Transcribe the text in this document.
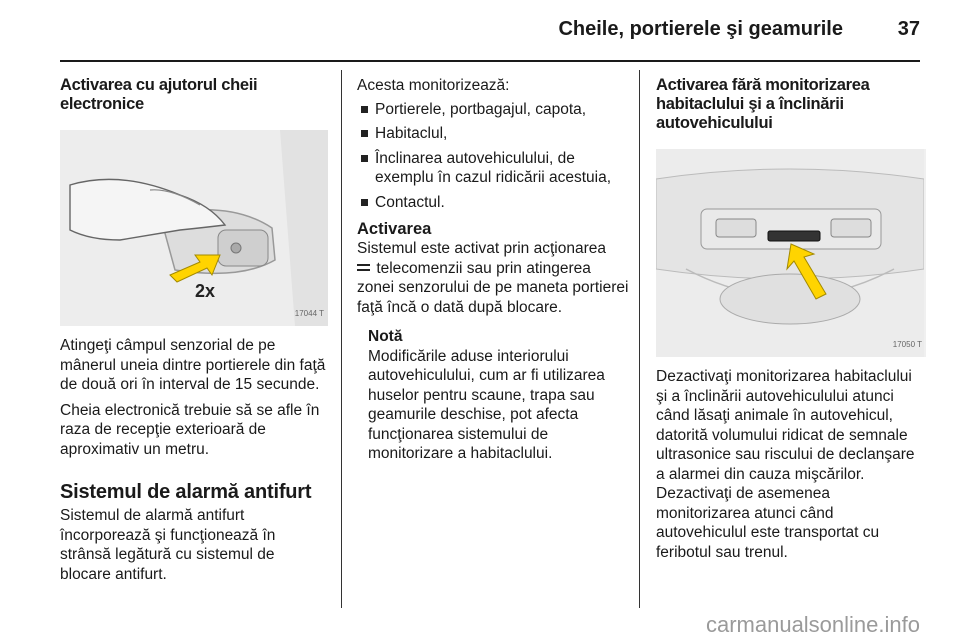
Cheile, portierele şi geamurile	37
Activarea cu ajutorul cheii electronice
2x
17044 T

Atingeţi câmpul senzorial de pe mânerul uneia dintre portierele din faţă de două ori în interval de 15 secunde.

Cheia electronică trebuie să se afle în raza de recepţie exterioară de aproximativ un metru.

Sistemul de alarmă antifurt

Sistemul de alarmă antifurt încorporează şi funcţionează în strânsă legătură cu sistemul de blocare antifurt.

Acesta monitorizează:

Portierele, portbagajul, capota,
Habitaclul,
Înclinarea autovehiculului, de exemplu în cazul ridicării acestuia,
Contactul.
Activarea

Sistemul este activat prin acţionarea
telecomenzii sau prin atingerea zonei senzorului de pe maneta portierei faţă încă o dată după blocare.

Notă
Modificările aduse interiorului autovehiculului, cum ar fi utilizarea huselor pentru scaune, trapa sau geamurile deschise, pot afecta funcţionarea sistemului de monitorizare a habitaclului.
Activarea fără monitorizarea habitaclului şi a înclinării autovehiculului
17050 T

Dezactivaţi monitorizarea habitaclului şi a înclinării autovehiculului atunci când lăsaţi animale în autovehicul, datorită volumului ridicat de semnale ultrasonice sau riscului de declanşare a alarmei din cauza mişcărilor. Dezactivaţi de asemenea monitorizarea atunci când autovehiculul este transportat cu feribotul sau trenul.

carmanualsonline.info
